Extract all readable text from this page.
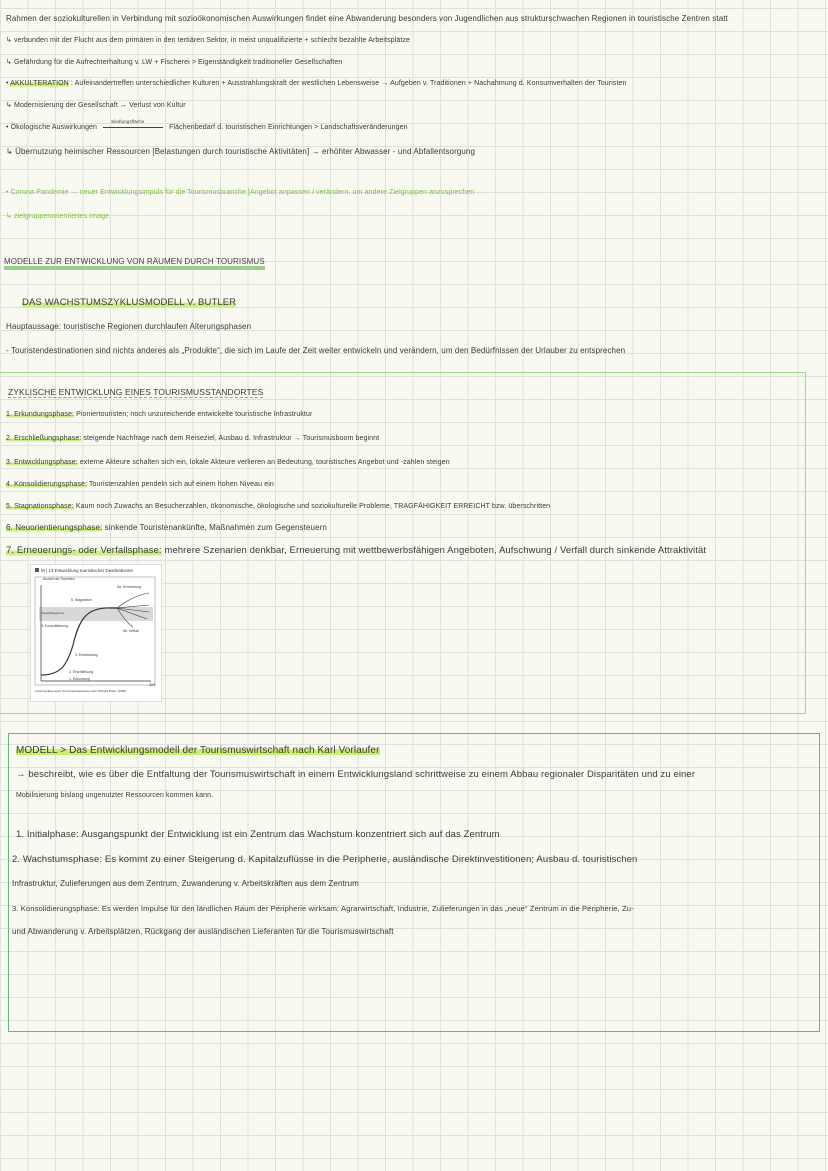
Rahmen der soziokulturellen in Verbindung mit sozioökonomischen Auswirkungen findet eine Abwanderung besonders von Jugendlichen aus strukturschwachen Regionen in touristische Zentren statt
↳ verbunden mit der Flucht aus dem primären in den tertiären Sektor, in meist unqualifizierte + schlecht bezahlte Arbeitsplätze
↳ Gefährdung für die Aufrechterhaltung v. LW + Fischerei > Eigenständigkeit traditioneller Gesellschaften
• AKKULTERATION : Aufeinandertreffen unterschiedlicher Kulturen + Ausstrahlungskraft der westlichen Lebensweise → Aufgeben v. Traditionen + Nachahmung d. Konsumverhalten der Touristen
↳ Modernisierung der Gesellschaft ↔ Verlust von Kultur
• Ökologische Auswirkungen
Siedlungsfläche
Flächenbedarf d. touristischen Einrichtungen > Landschaftsveränderungen
↳ Übernutzung heimischer Ressourcen [Belastungen durch touristische Aktivitäten] → erhöhter Abwasser - und Abfallentsorgung
• Corona Pandemie → neuer Entwicklungsimpuls für die Tourismusbranche [Angebot anpassen / verändern, um andere Zielgruppen anzusprechen
↳ zielgruppenorientiertes Image
MODELLE ZUR ENTWICKLUNG VON RÄUMEN DURCH TOURISMUS
DAS WACHSTUMSZYKLUSMODELL V. BUTLER
Hauptaussage: touristische Regionen durchlaufen Alterungsphasen
- Touristendestinationen sind nichts anderes als „Produkte“, die sich im Laufe der Zeit weiter entwickeln und verändern, um den Bedürfnissen der Urlauber zu entsprechen
ZYKLISCHE ENTWICKLUNG EINES TOURISMUSSTANDORTES
1. Erkundungsphase: Pioniertouristen; noch unzureichende entwickelte touristische Infrastruktur
2. Erschließungsphase: steigende Nachfrage nach dem Reiseziel, Ausbau d. Infrastruktur → Tourismusboom beginnt
3. Entwicklungsphase: externe Akteure schalten sich ein, lokale Akteure verlieren an Bedeutung, touristisches Angebot und -zahlen steigen
4. Konsolidierungsphase: Touristenzahlen pendeln sich auf einem hohen Niveau ein
5. Stagnationsphase: Kaum noch Zuwachs an Besucherzahlen, ökonomische, ökologische und soziokulturelle Probleme, TRAGFÄHIGKEIT ERREICHT bzw. überschritten
6. Neuorientierungsphase: sinkende Touristenankünfte, Maßnahmen zum Gegensteuern
7. Erneuerungs- oder Verfallsphase: mehrere Szenarien denkbar, Erneuerung mit wettbewerbsfähigen Angeboten, Aufschwung / Verfall durch sinkende Attraktivität
M | 13 Entwicklung touristischer Destinationen
Anzahl der Touristen
Zeit
Kapazitätsgrenze
5. Stagnation
4. Konsolidierung
3. Entwicklung
2. Erschließung
1. Erkundung
6a. Erneuerung
6b. Verfall
Lebenszyklus eines Tourismusstandortes nach Richard Butler (1980)
MODELL > Das Entwicklungsmodell der Tourismuswirtschaft nach Karl Vorlaufer
→ beschreibt, wie es über die Entfaltung der Tourismuswirtschaft in einem Entwicklungsland schrittweise zu einem Abbau regionaler Disparitäten und zu einer
Mobilisierung bislang ungenutzter Ressourcen kommen kann.
1. Initialphase: Ausgangspunkt der Entwicklung ist ein Zentrum das Wachstum konzentriert sich auf das Zentrum
2. Wachstumsphase: Es kommt zu einer Steigerung d. Kapitalzuflüsse in die Peripherie, ausländische Direktinvestitionen; Ausbau d. touristischen
Infrastruktur, Zulieferungen aus dem Zentrum, Zuwanderung v. Arbeitskräften aus dem Zentrum
3. Konsolidierungsphase: Es werden Impulse für den ländlichen Raum der Peripherie wirksam: Agrarwirtschaft, Industrie, Zulieferungen in das „neue“ Zentrum in die Peripherie, Zu-
und Abwanderung v. Arbeitsplätzen, Rückgang der ausländischen Lieferanten für die Tourismuswirtschaft
